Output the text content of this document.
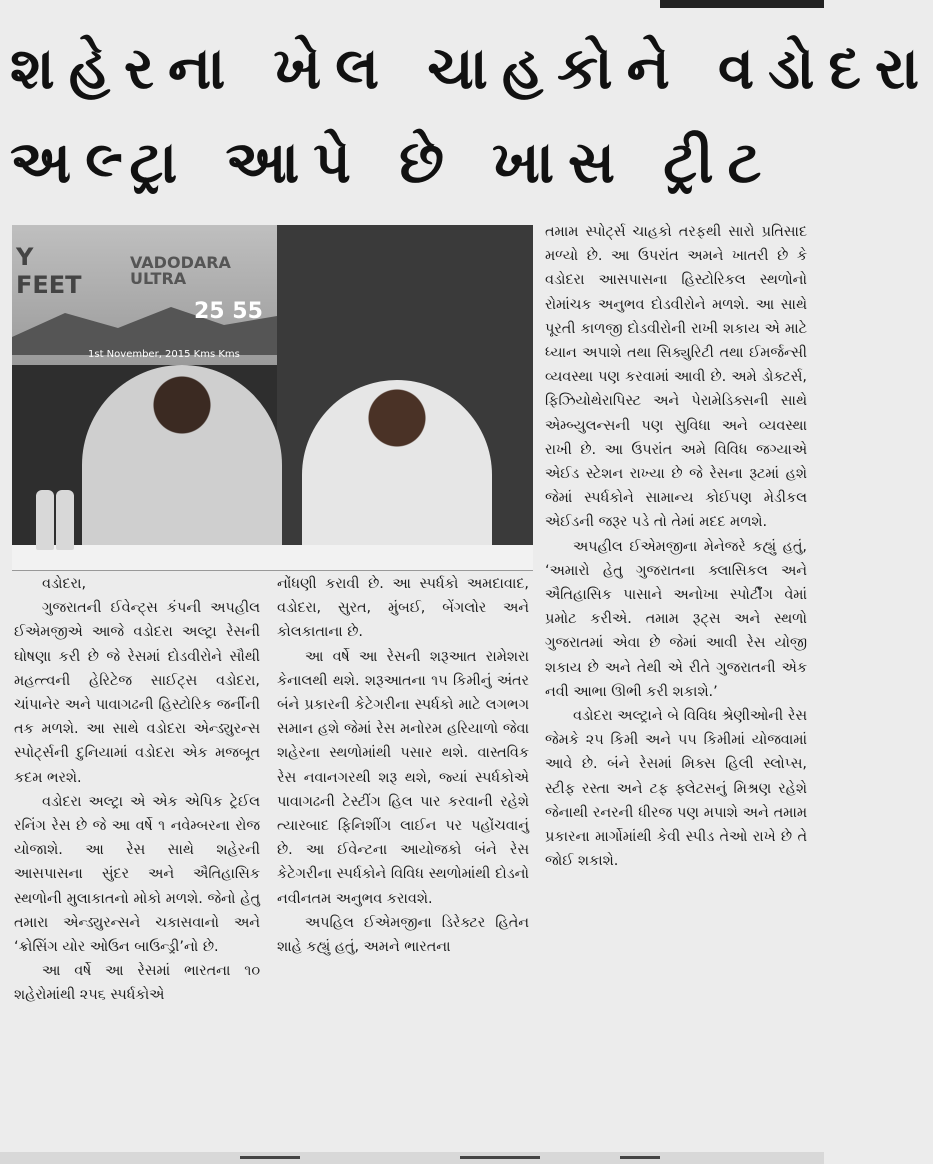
શહેરના ખેલ ચાહકોને વડોદરા
અલ્ટ્રા આપે છે ખાસ ટ્રીટ
Y
FEET
VADODARA
ULTRA
25 55
1st November, 2015 Kms Kms

વડોદરા,

ગુજરાતની ઈવેન્ટ્સ કંપની અપહીલ ઈએમજીએ આજે વડોદરા અલ્ટ્રા રેસની ઘોષણા કરી છે જે રેસમાં દોડવીરોને સૌથી મહત્ત્વની હેરિટેજ સાઈટ્સ વડોદરા, ચાંપાનેર અને પાવાગઢની હિસ્ટોરિક જર્નીની તક મળશે. આ સાથે વડોદરા એન્ડ્યુરન્સ સ્પોર્ટ્સની દુનિયામાં વડોદરા એક મજબૂત કદમ ભરશે.

વડોદરા અલ્ટ્રા એ એક એપિક ટ્રેઈલ રનિંગ રેસ છે જે આ વર્ષે ૧ નવેમ્બરના રોજ યોજાશે. આ રેસ સાથે શહેરની આસપાસના સુંદર અને ઐતિહાસિક સ્થળોની મુલાકાતનો મોકો મળશે. જેનો હેતુ તમારા એન્ડ્યુરન્સને ચકાસવાનો અને ‘ક્રોસિંગ યોર ઓઉન બાઉન્ડ્રી’નો છે.

આ વર્ષે આ રેસમાં ભારતના ૧૦ શહેરોમાંથી ૨૫૬ સ્પર્ધકોએ

નોંધણી કરાવી છે. આ સ્પર્ધકો અમદાવાદ, વડોદરા, સુરત, મુંબઈ, બેંગલોર અને કોલકાતાના છે.

આ વર્ષે આ રેસની શરૂઆત રામેશરા કેનાલથી થશે. શરૂઆતના ૧૫ કિમીનું અંતર બંને પ્રકારની કેટેગરીના સ્પર્ધકો માટે લગભગ સમાન હશે જેમાં રેસ મનોરમ હરિયાળો જેવા શહેરના સ્થળોમાંથી પસાર થશે. વાસ્તવિક રેસ નવાનગરથી શરૂ થશે, જ્યાં સ્પર્ધકોએ પાવાગઢની ટેસ્ટીંગ હિલ પાર કરવાની રહેશે ત્યારબાદ ફિનિશીંગ લાઈન પર પહોંચવાનું છે. આ ઈવેન્ટના આયોજકો બંને રેસ કેટેગરીના સ્પર્ધકોને વિવિધ સ્થળોમાંથી દોડનો નવીનતમ અનુભવ કરાવશે.

અપહિલ ઈએમજીના ડિરેક્ટર હિતેન શાહે કહ્યું હતું, અમને ભારતના

તમામ સ્પોર્ટ્સ ચાહકો તરફથી સારો પ્રતિસાદ મળ્યો છે. આ ઉપરાંત અમને ખાતરી છે કે વડોદરા આસપાસના હિસ્ટોરિકલ સ્થળોનો રોમાંચક અનુભવ દોડવીરોને મળશે. આ સાથે પૂરતી કાળજી દોડવીરોની રાખી શકાય એ માટે ધ્યાન અપાશે તથા સિક્યુરિટી તથા ઈમર્જન્સી વ્યવસ્થા પણ કરવામાં આવી છે. અમે ડોક્ટર્સ, ફિઝિયોથેરાપિસ્ટ અને પેરામેડિક્સની સાથે એમ્બ્યુલન્સની પણ સુવિધા અને વ્યવસ્થા રાખી છે. આ ઉપરાંત અમે વિવિધ જગ્યાએ એઈડ સ્ટેશન રાખ્યા છે જે રેસના રૂટમાં હશે જેમાં સ્પર્ધકોને સામાન્ય કોઈપણ મેડીકલ એઈડની જરૂર પડે તો તેમાં મદદ મળશે.

અપહીલ ઈએમજીના મેનેજરે કહ્યું હતું, ‘અમારો હેતુ ગુજરાતના ક્લાસિકલ અને ઐતિહાસિક પાસાને અનોખા સ્પોર્ટીંગ વેમાં પ્રમોટ કરીએ. તમામ રૂટ્સ અને સ્થળો ગુજરાતમાં એવા છે જેમાં આવી રેસ યોજી શકાય છે અને તેથી એ રીતે ગુજરાતની એક નવી આભા ઊભી કરી શકાશે.’

વડોદરા અલ્ટ્રાને બે વિવિધ શ્રેણીઓની રેસ જેમકે ૨૫ કિમી અને ૫૫ કિમીમાં યોજવામાં આવે છે. બંને રેસમાં મિક્સ હિલી સ્લોપ્સ, સ્ટીફ રસ્તા અને ટફ ફ્લેટસનું મિશ્રણ રહેશે જેનાથી રનરની ધીરજ પણ મપાશે અને તમામ પ્રકારના માર્ગોમાંથી કેવી સ્પીડ તેઓ રાખે છે તે જોઈ શકાશે.
